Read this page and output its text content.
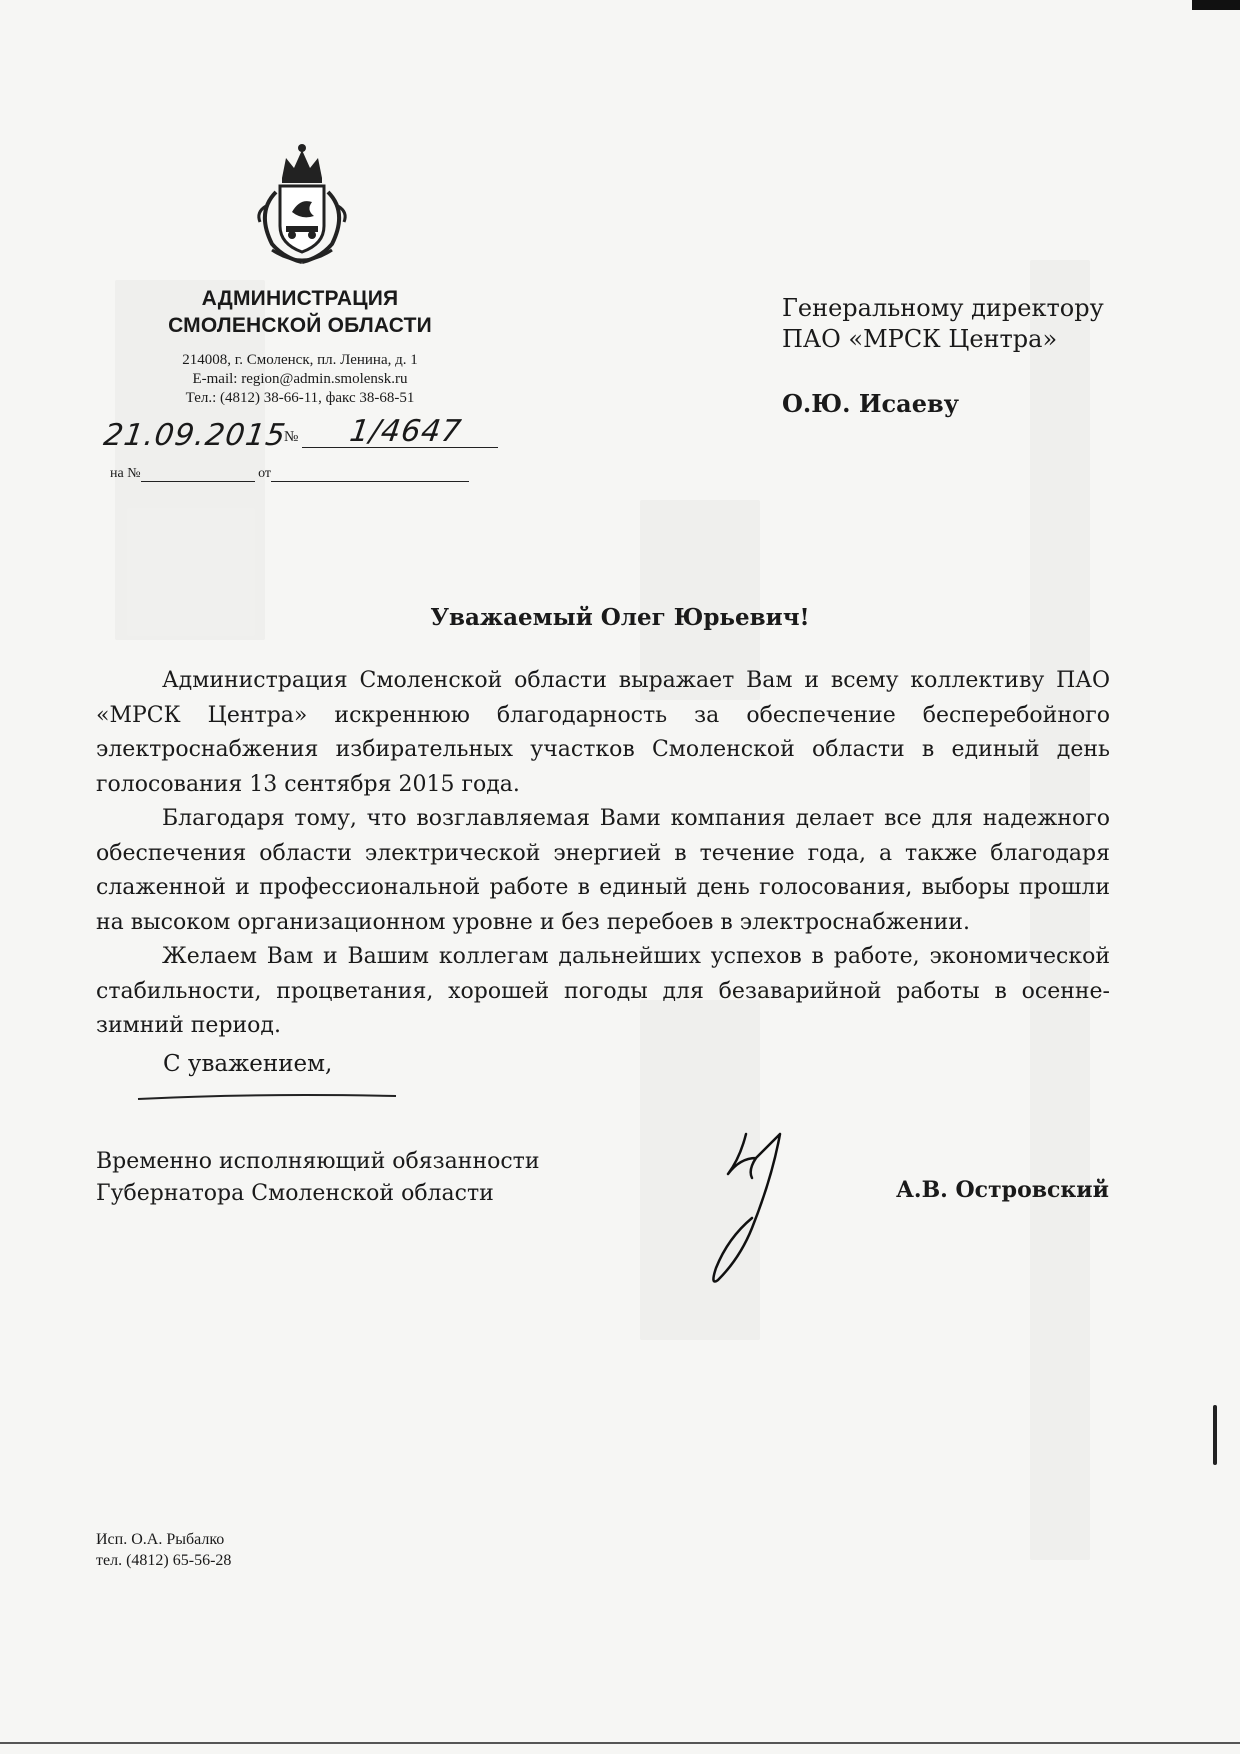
АДМИНИСТРАЦИЯ
СМОЛЕНСКОЙ ОБЛАСТИ
214008, г. Смоленск, пл. Ленина, д. 1
E-mail: region@admin.smolensk.ru
Тел.: (4812) 38-66-11, факс 38-68-51
21.09.2015
№ 1/4647
на №	от
Генеральному директору
ПАО «МРСК Центра»
О.Ю. Исаеву
Уважаемый Олег Юрьевич!

Администрация Смоленской области выражает Вам и всему коллективу ПАО «МРСК Центра» искреннюю благодарность за обеспечение бесперебойного электроснабжения избирательных участков Смоленской области в единый день голосования 13 сентября 2015 года.

Благодаря тому, что возглавляемая Вами компания делает все для надежного обеспечения области электрической энергией в течение года, а также благодаря слаженной и профессиональной работе в единый день голосования, выборы прошли на высоком организационном уровне и без перебоев в электроснабжении.

Желаем Вам и Вашим коллегам дальнейших успехов в работе, экономической стабильности, процветания, хорошей погоды для безаварийной работы в осенне-зимний период.

С уважением,
Временно исполняющий обязанности
Губернатора Смоленской области	А.В. Островский
Исп. О.А. Рыбалко
тел. (4812) 65-56-28
